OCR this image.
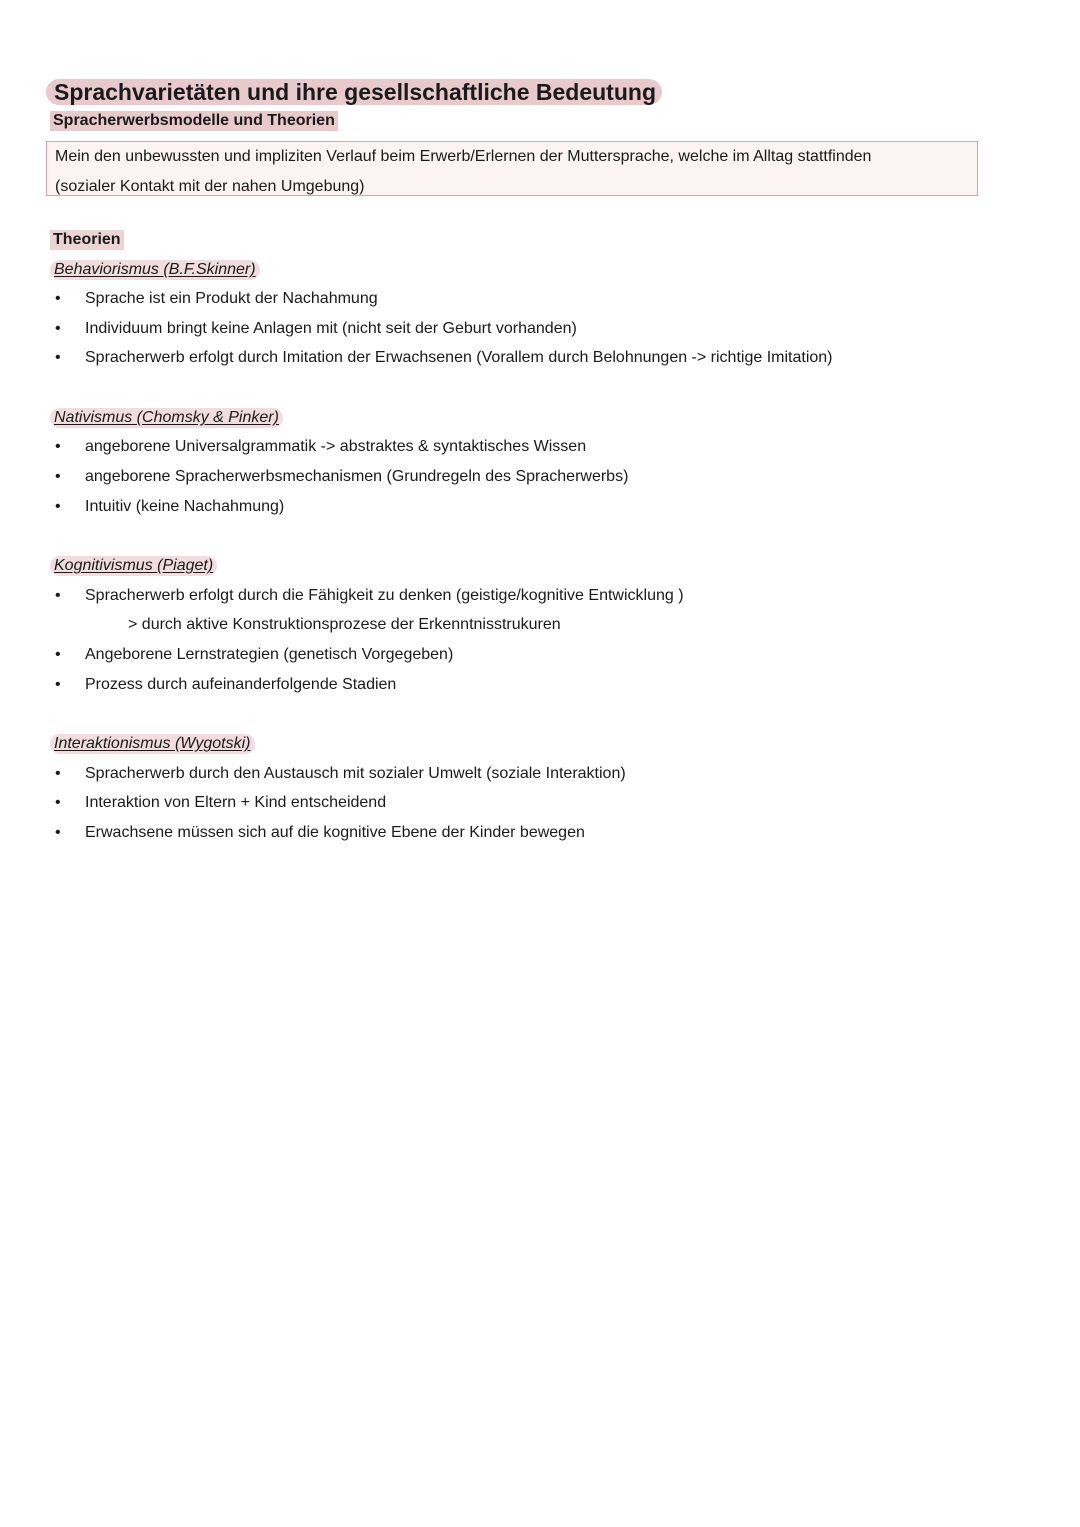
Sprachvarietäten und ihre gesellschaftliche Bedeutung
Spracherwerbsmodelle und Theorien
Mein den unbewussten und impliziten Verlauf beim Erwerb/Erlernen der Muttersprache, welche im Alltag stattfinden
(sozialer Kontakt mit der nahen Umgebung)
Theorien
Behaviorismus (B.F.Skinner)
• Sprache ist ein Produkt der Nachahmung
• Individuum bringt keine Anlagen mit (nicht seit der Geburt vorhanden)
• Spracherwerb erfolgt durch Imitation der Erwachsenen (Vorallem durch Belohnungen -> richtige Imitation)
Nativismus (Chomsky & Pinker)
• angeborene Universalgrammatik -> abstraktes & syntaktisches Wissen
• angeborene Spracherwerbsmechanismen (Grundregeln des Spracherwerbs)
• Intuitiv (keine Nachahmung)
Kognitivismus (Piaget)
• Spracherwerb erfolgt durch die Fähigkeit zu denken (geistige/kognitive Entwicklung )
> durch aktive Konstruktionsprozese der Erkenntnisstrukuren
• Angeborene Lernstrategien (genetisch Vorgegeben)
• Prozess durch aufeinanderfolgende Stadien
Interaktionismus (Wygotski)
• Spracherwerb durch den Austausch mit sozialer Umwelt (soziale Interaktion)
• Interaktion von Eltern + Kind entscheidend
• Erwachsene müssen sich auf die kognitive Ebene der Kinder bewegen
